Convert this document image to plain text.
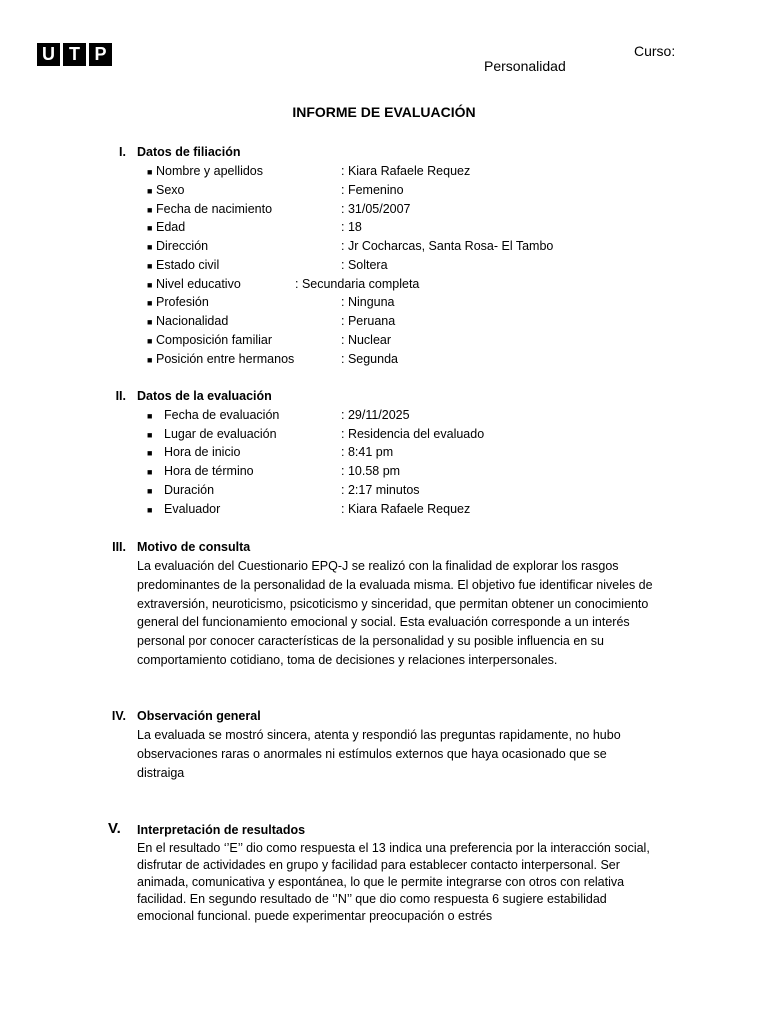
U T P	Curso:
Personalidad
INFORME DE EVALUACIÓN
I. Datos de filiación
■ Nombre y apellidos	: Kiara Rafaele Requez
■ Sexo	: Femenino
■ Fecha de nacimiento	: 31/05/2007
■ Edad	: 18
■ Dirección	: Jr Cocharcas, Santa Rosa- El Tambo
■ Estado civil	: Soltera
■ Nivel educativo	: Secundaria completa
■ Profesión	: Ninguna
■ Nacionalidad	: Peruana
■ Composición familiar	: Nuclear
■ Posición entre hermanos	: Segunda
II. Datos de la evaluación
■ Fecha de evaluación	: 29/11/2025
■ Lugar de evaluación	: Residencia del evaluado
■ Hora de inicio	: 8:41 pm
■ Hora de término	: 10.58 pm
■ Duración	: 2:17 minutos
■ Evaluador	: Kiara Rafaele Requez
III. Motivo de consulta
La evaluación del Cuestionario EPQ-J se realizó con la finalidad de explorar los rasgos predominantes de la personalidad de la evaluada misma. El objetivo fue identificar niveles de extraversión, neuroticismo, psicoticismo y sinceridad, que permitan obtener un conocimiento general del funcionamiento emocional y social. Esta evaluación corresponde a un interés personal por conocer características de la personalidad y su posible influencia en su comportamiento cotidiano, toma de decisiones y relaciones interpersonales.
IV. Observación general
La evaluada se mostró sincera, atenta y respondió las preguntas rapidamente, no hubo observaciones raras o anormales ni estímulos externos que haya ocasionado que se distraiga
V. Interpretación de resultados
En el resultado ‘’E’’ dio como respuesta el 13 indica una preferencia por la interacción social, disfrutar de actividades en grupo y facilidad para establecer contacto interpersonal. Ser animada, comunicativa y espontánea, lo que le permite integrarse con otros con relativa facilidad. En segundo resultado de ‘’N’’ que dio como respuesta 6 sugiere estabilidad emocional funcional. puede experimentar preocupación o estrés
